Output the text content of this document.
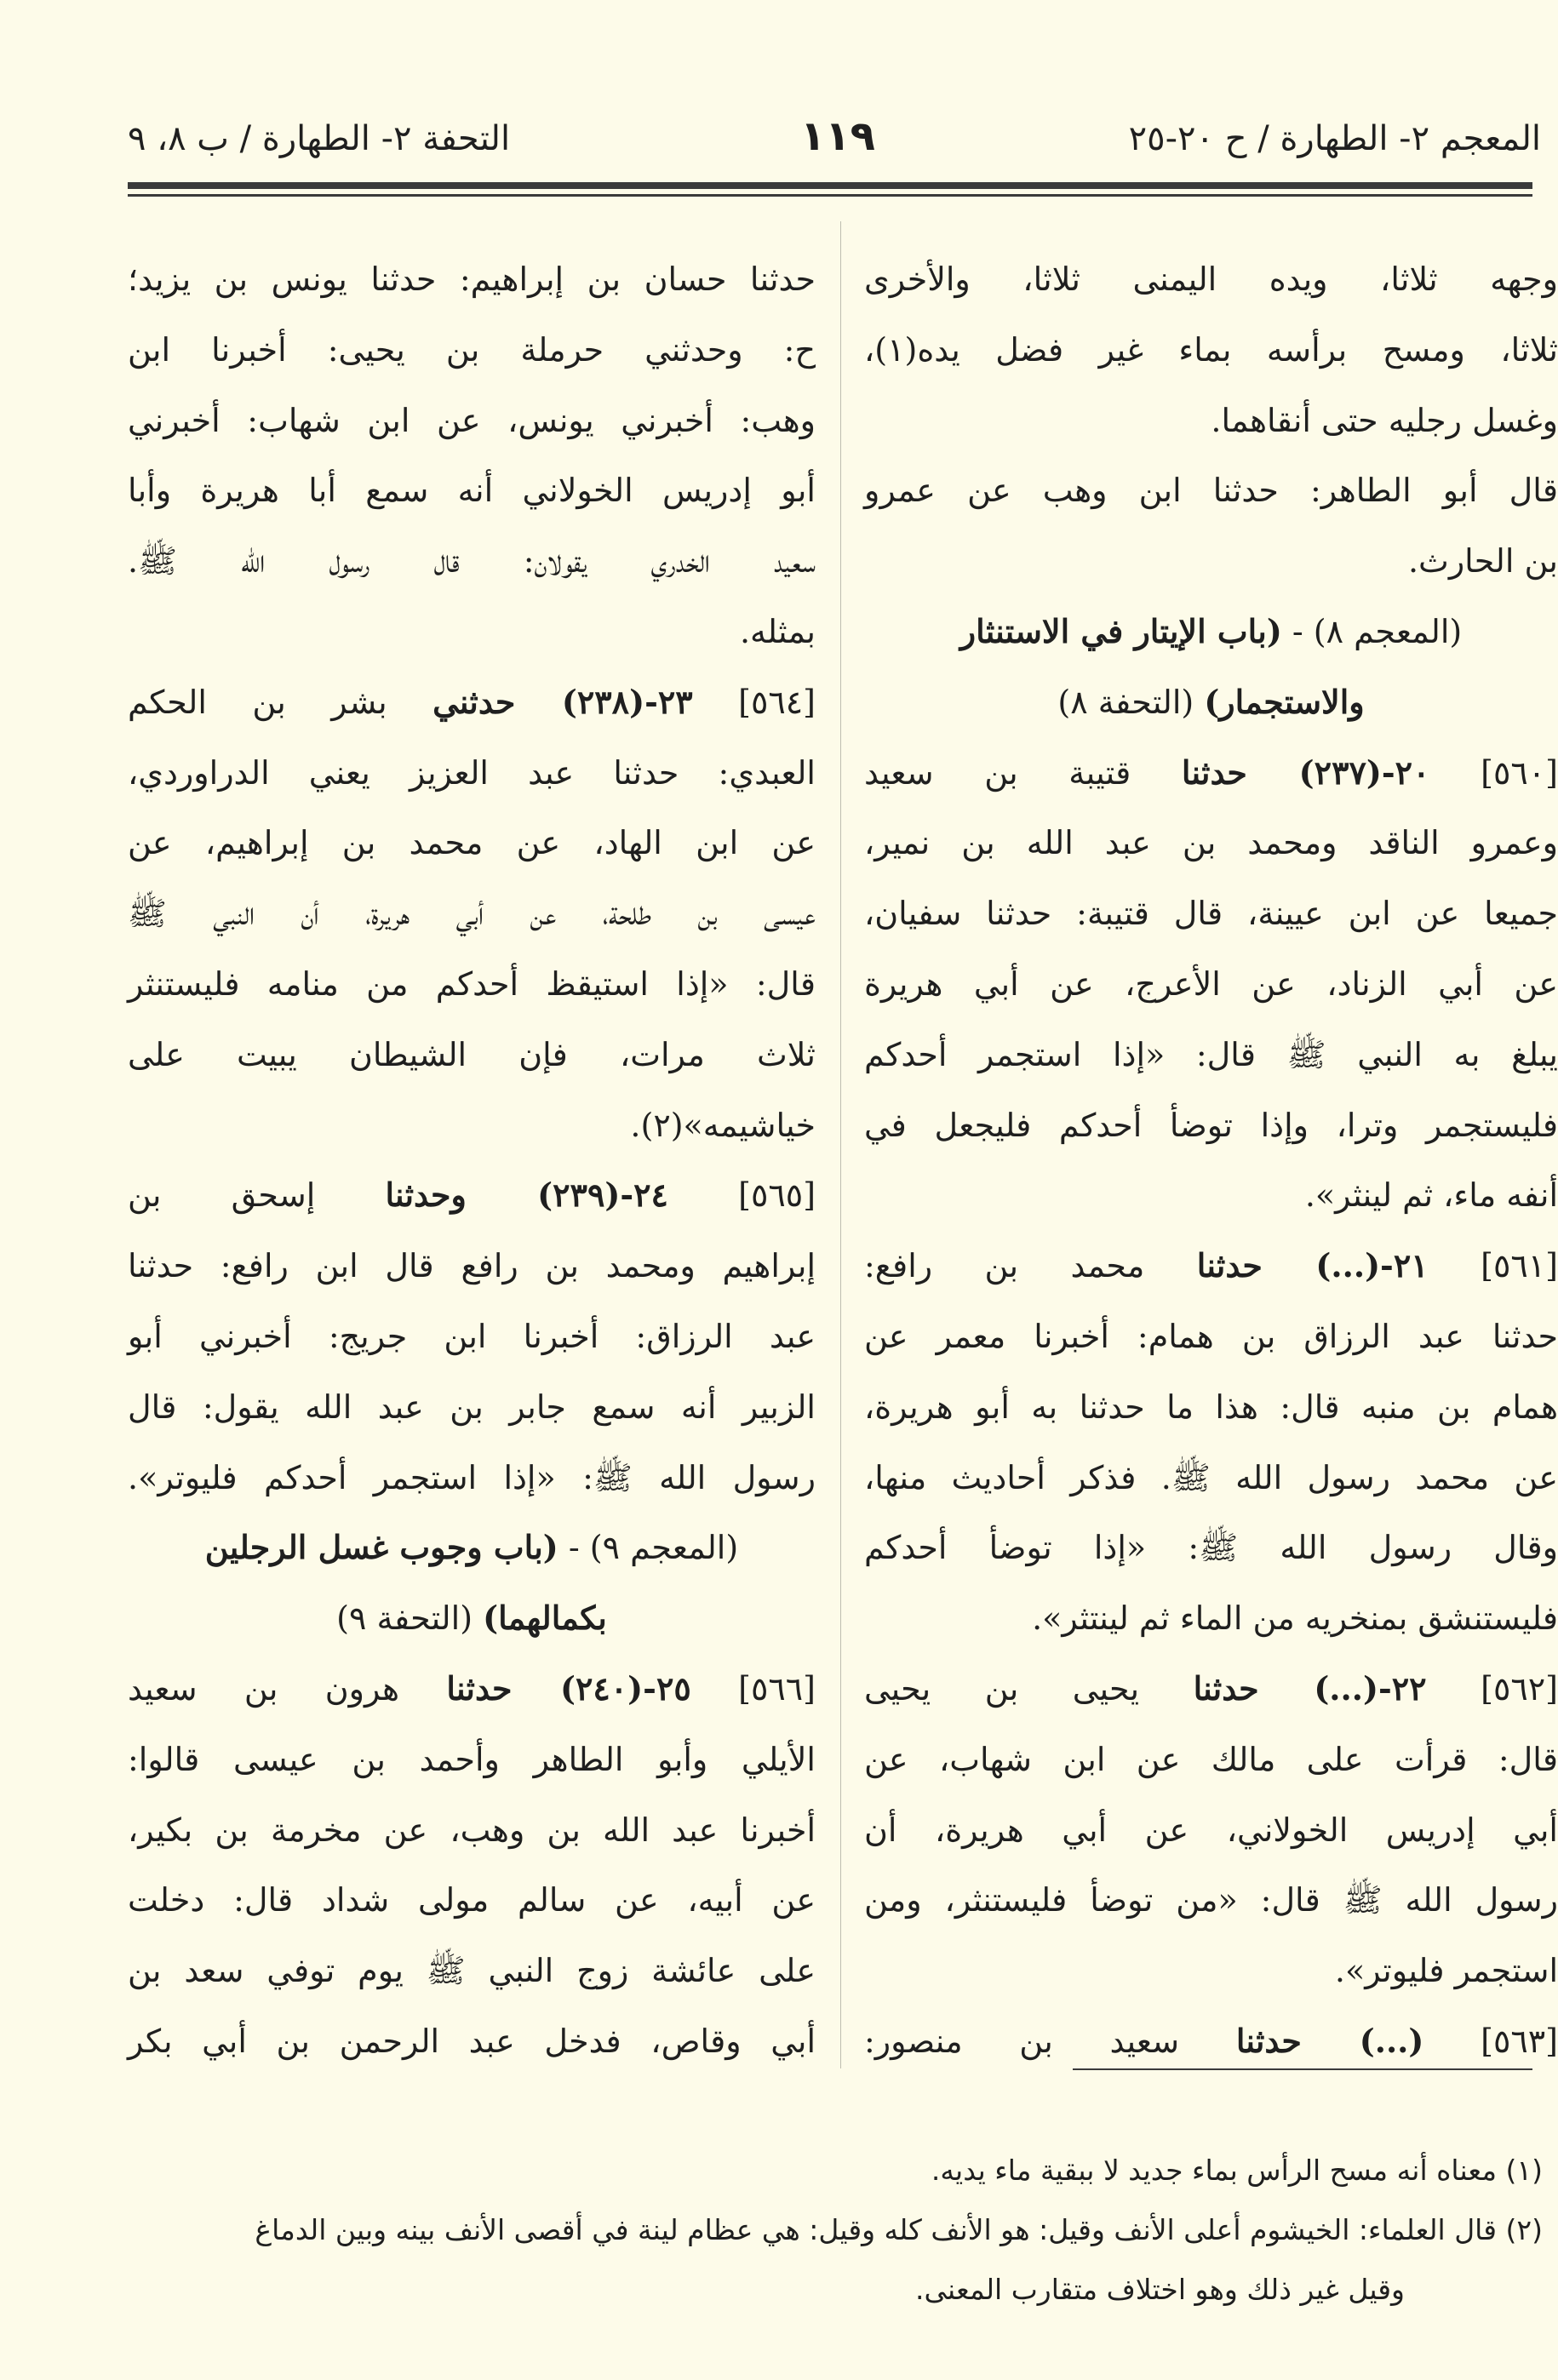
المعجم ٢- الطهارة / ح ٢٠-٢٥
١١٩
التحفة ٢- الطهارة / ب ٨، ٩
وجهه ثلاثا، ويده اليمنى ثلاثا، والأخرى
ثلاثا، ومسح برأسه بماء غير فضل يده(١)،
وغسل رجليه حتى أنقاهما.
قال أبو الطاهر: حدثنا ابن وهب عن عمرو
بن الحارث.
(المعجم ٨) - (باب الإيتار في الاستنثار
والاستجمار) (التحفة ٨)
[٥٦٠] ٢٠-(٢٣٧) حدثنا قتيبة بن سعيد
وعمرو الناقد ومحمد بن عبد الله بن نمير،
جميعا عن ابن عيينة، قال قتيبة: حدثنا سفيان،
عن أبي الزناد، عن الأعرج، عن أبي هريرة
يبلغ به النبي ﷺ قال: «إذا استجمر أحدكم
فليستجمر وترا، وإذا توضأ أحدكم فليجعل في
أنفه ماء، ثم لينثر».
[٥٦١] ٢١-(...) حدثنا محمد بن رافع:
حدثنا عبد الرزاق بن همام: أخبرنا معمر عن
همام بن منبه قال: هذا ما حدثنا به أبو هريرة،
عن محمد رسول الله ﷺ. فذكر أحاديث منها،
وقال رسول الله ﷺ: «إذا توضأ أحدكم
فليستنشق بمنخريه من الماء ثم لينتثر».
[٥٦٢] ٢٢-(...) حدثنا يحيى بن يحيى
قال: قرأت على مالك عن ابن شهاب، عن
أبي إدريس الخولاني، عن أبي هريرة، أن
رسول الله ﷺ قال: «من توضأ فليستنثر، ومن
استجمر فليوتر».
[٥٦٣] (...) حدثنا سعيد بن منصور:
حدثنا حسان بن إبراهيم: حدثنا يونس بن يزيد؛
ح: وحدثني حرملة بن يحيى: أخبرنا ابن
وهب: أخبرني يونس، عن ابن شهاب: أخبرني
أبو إدريس الخولاني أنه سمع أبا هريرة وأبا
سعيد الخدري يقولان: قال رسول الله ﷺ.
بمثله.
[٥٦٤] ٢٣-(٢٣٨) حدثني بشر بن الحكم
العبدي: حدثنا عبد العزيز يعني الدراوردي،
عن ابن الهاد، عن محمد بن إبراهيم، عن
عيسى بن طلحة، عن أبي هريرة، أن النبي ﷺ
قال: «إذا استيقظ أحدكم من منامه فليستنثر
ثلاث مرات، فإن الشيطان يبيت على
خياشيمه»(٢).
[٥٦٥] ٢٤-(٢٣٩) وحدثنا إسحق بن
إبراهيم ومحمد بن رافع قال ابن رافع: حدثنا
عبد الرزاق: أخبرنا ابن جريج: أخبرني أبو
الزبير أنه سمع جابر بن عبد الله يقول: قال
رسول الله ﷺ: «إذا استجمر أحدكم فليوتر».
(المعجم ٩) - (باب وجوب غسل الرجلين
بكمالهما) (التحفة ٩)
[٥٦٦] ٢٥-(٢٤٠) حدثنا هرون بن سعيد
الأيلي وأبو الطاهر وأحمد بن عيسى قالوا:
أخبرنا عبد الله بن وهب، عن مخرمة بن بكير،
عن أبيه، عن سالم مولى شداد قال: دخلت
على عائشة زوج النبي ﷺ يوم توفي سعد بن
أبي وقاص، فدخل عبد الرحمن بن أبي بكر
(١) معناه أنه مسح الرأس بماء جديد لا ببقية ماء يديه.
(٢) قال العلماء: الخيشوم أعلى الأنف وقيل: هو الأنف كله وقيل: هي عظام لينة في أقصى الأنف بينه وبين الدماغ
وقيل غير ذلك وهو اختلاف متقارب المعنى.
